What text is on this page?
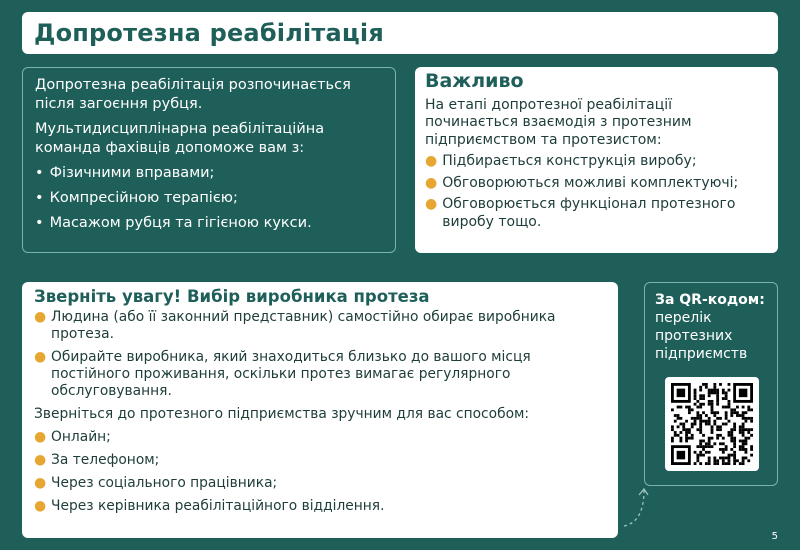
Допротезна реабілітація

Допротезна реабілітація розпочинається після загоєння рубця.

Мультидисциплінарна реабілітаційна команда фахівців допоможе вам з:

• Фізичними вправами;
• Компресійною терапією;
• Масажом рубця та гігієною кукси.
Важливо

На етапі допротезної реабілітації починається взаємодія з протезним підприємством та протезистом:

● Підбирається конструкція виробу;
● Обговорюються можливі комплектуючі;
● Обговорюється функціонал протезного виробу тощо.
Зверніть увагу! Вибір виробника протеза
● Людина (або її законний представник) самостійно обирає виробника протеза.
● Обирайте виробника, який знаходиться близько до вашого місця постійного проживання, оскільки протез вимагає регулярного обслуговування.

Зверніться до протезного підприємства зручним для вас способом:

● Онлайн;
● За телефоном;
● Через соціального працівника;
● Через керівника реабілітаційного відділення.
За QR-кодом:
перелік протезних підприємств
5
